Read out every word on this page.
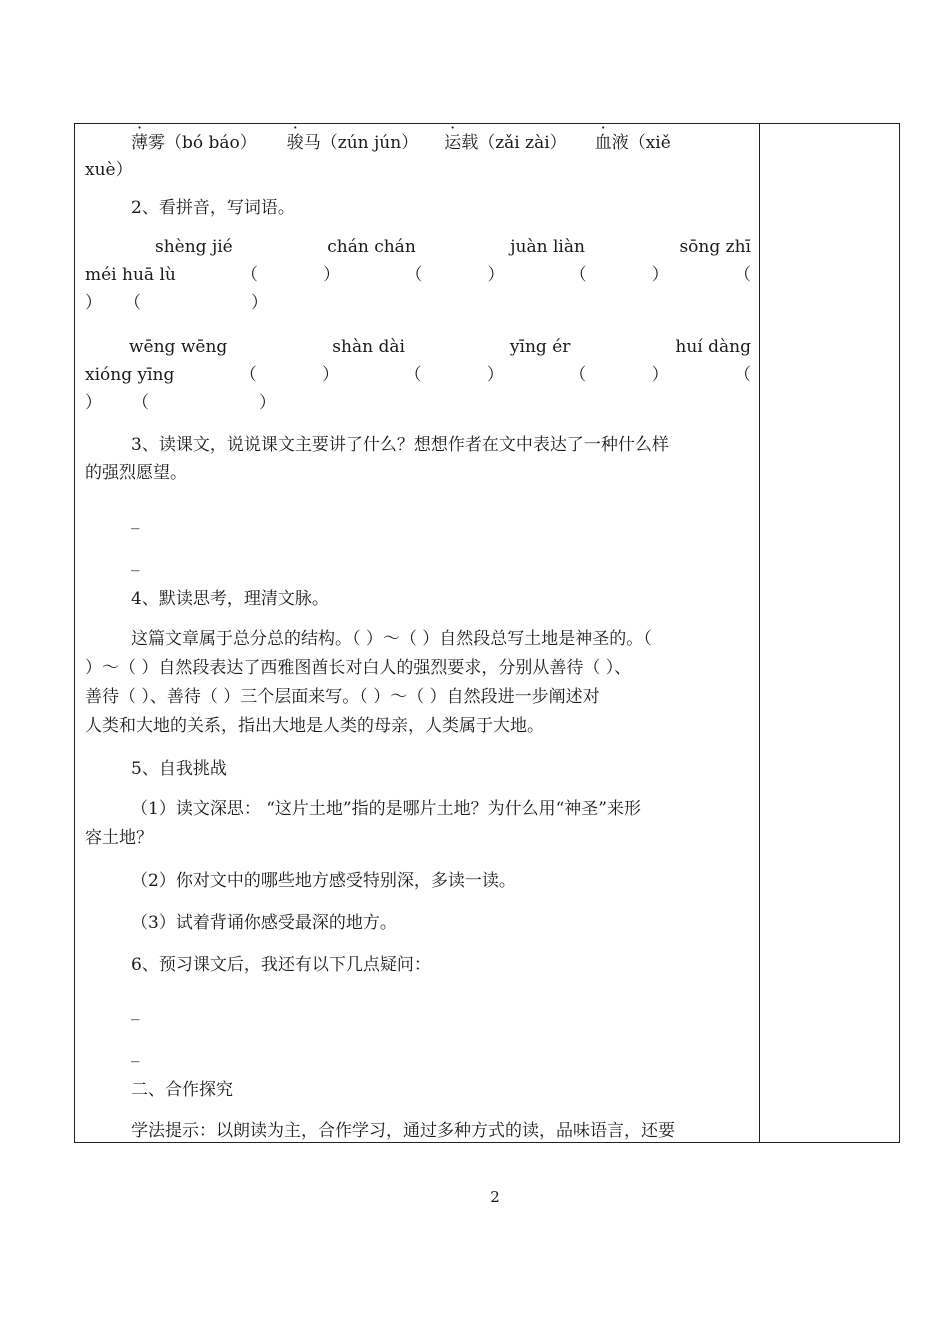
薄雾（bó báo） 骏马（zún jún） 运载（zǎi zài） 血液（xiě
xuè）
2、看拼音，写词语。
shèng jié	chán chán	juàn liàn	sōng zhī
méi huā lù	（	）	（	）	（	）	（
） （	）
wēng wēng	shàn dài	yīng ér	huí dàng
xióng yīng	（	）	（	）	（	）	（
） （	）
3、读课文，说说课文主要讲了什么？想想作者在文中表达了一种什么样
的强烈愿望。
_
_
4、默读思考，理清文脉。
这篇文章属于总分总的结构。（ ）～（ ）自然段总写土地是神圣的。（
）～（ ）自然段表达了西雅图酋长对白人的强烈要求，分别从善待（ ）、
善待（ ）、善待（ ）三个层面来写。（ ）～（ ）自然段进一步阐述对
人类和大地的关系，指出大地是人类的母亲，人类属于大地。
5、自我挑战
（1）读文深思： “这片土地”指的是哪片土地？为什么用“神圣”来形
容土地？
（2）你对文中的哪些地方感受特别深，多读一读。
（3）试着背诵你感受最深的地方。
6、预习课文后，我还有以下几点疑问：
_
_
二、合作探究
学法提示：以朗读为主，合作学习，通过多种方式的读，品味语言，还要
2
